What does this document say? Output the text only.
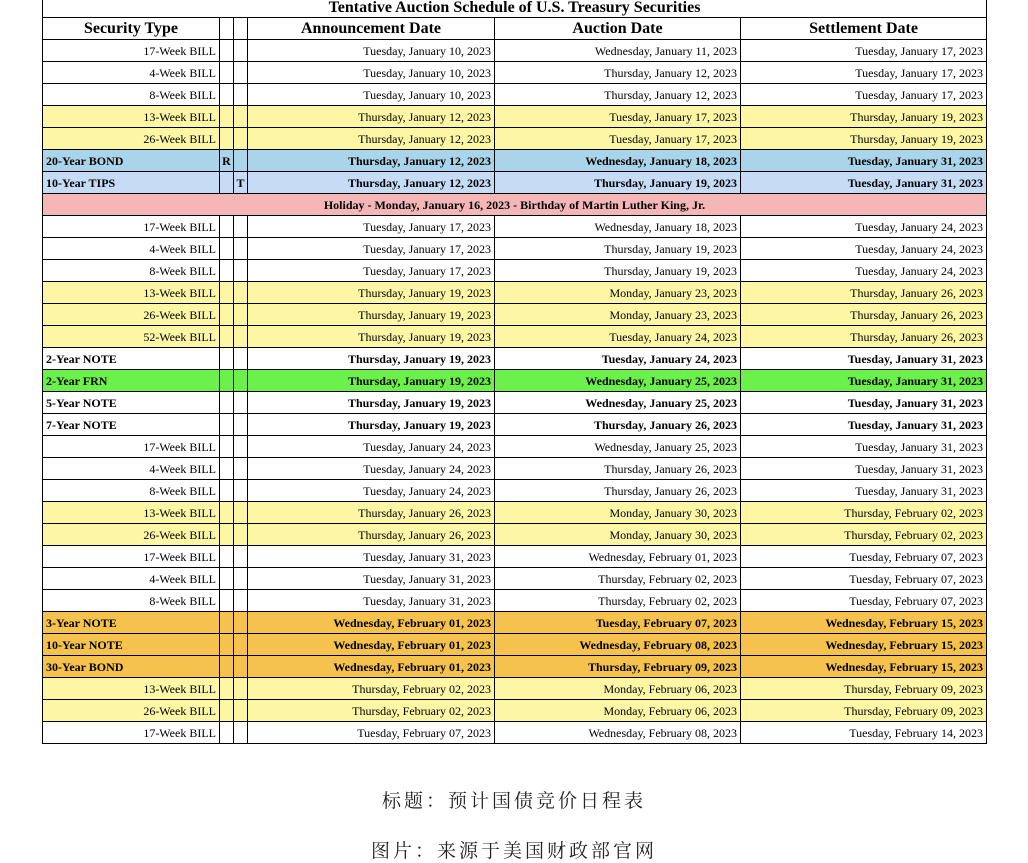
Tentative Auction Schedule of U.S. Treasury Securities					
Security Type			Announcement Date	Auction Date	Settlement Date
17-Week BILL			Tuesday, January 10, 2023	Wednesday, January 11, 2023	Tuesday, January 17, 2023
4-Week BILL			Tuesday, January 10, 2023	Thursday, January 12, 2023	Tuesday, January 17, 2023
8-Week BILL			Tuesday, January 10, 2023	Thursday, January 12, 2023	Tuesday, January 17, 2023
13-Week BILL			Thursday, January 12, 2023	Tuesday, January 17, 2023	Thursday, January 19, 2023
26-Week BILL			Thursday, January 12, 2023	Tuesday, January 17, 2023	Thursday, January 19, 2023
20-Year BOND	R		Thursday, January 12, 2023	Wednesday, January 18, 2023	Tuesday, January 31, 2023
10-Year TIPS		T	Thursday, January 12, 2023	Thursday, January 19, 2023	Tuesday, January 31, 2023
Holiday - Monday, January 16, 2023 - Birthday of Martin Luther King, Jr.					
17-Week BILL			Tuesday, January 17, 2023	Wednesday, January 18, 2023	Tuesday, January 24, 2023
4-Week BILL			Tuesday, January 17, 2023	Thursday, January 19, 2023	Tuesday, January 24, 2023
8-Week BILL			Tuesday, January 17, 2023	Thursday, January 19, 2023	Tuesday, January 24, 2023
13-Week BILL			Thursday, January 19, 2023	Monday, January 23, 2023	Thursday, January 26, 2023
26-Week BILL			Thursday, January 19, 2023	Monday, January 23, 2023	Thursday, January 26, 2023
52-Week BILL			Thursday, January 19, 2023	Tuesday, January 24, 2023	Thursday, January 26, 2023
2-Year NOTE			Thursday, January 19, 2023	Tuesday, January 24, 2023	Tuesday, January 31, 2023
2-Year FRN			Thursday, January 19, 2023	Wednesday, January 25, 2023	Tuesday, January 31, 2023
5-Year NOTE			Thursday, January 19, 2023	Wednesday, January 25, 2023	Tuesday, January 31, 2023
7-Year NOTE			Thursday, January 19, 2023	Thursday, January 26, 2023	Tuesday, January 31, 2023
17-Week BILL			Tuesday, January 24, 2023	Wednesday, January 25, 2023	Tuesday, January 31, 2023
4-Week BILL			Tuesday, January 24, 2023	Thursday, January 26, 2023	Tuesday, January 31, 2023
8-Week BILL			Tuesday, January 24, 2023	Thursday, January 26, 2023	Tuesday, January 31, 2023
13-Week BILL			Thursday, January 26, 2023	Monday, January 30, 2023	Thursday, February 02, 2023
26-Week BILL			Thursday, January 26, 2023	Monday, January 30, 2023	Thursday, February 02, 2023
17-Week BILL			Tuesday, January 31, 2023	Wednesday, February 01, 2023	Tuesday, February 07, 2023
4-Week BILL			Tuesday, January 31, 2023	Thursday, February 02, 2023	Tuesday, February 07, 2023
8-Week BILL			Tuesday, January 31, 2023	Thursday, February 02, 2023	Tuesday, February 07, 2023
3-Year NOTE			Wednesday, February 01, 2023	Tuesday, February 07, 2023	Wednesday, February 15, 2023
10-Year NOTE			Wednesday, February 01, 2023	Wednesday, February 08, 2023	Wednesday, February 15, 2023
30-Year BOND			Wednesday, February 01, 2023	Thursday, February 09, 2023	Wednesday, February 15, 2023
13-Week BILL			Thursday, February 02, 2023	Monday, February 06, 2023	Thursday, February 09, 2023
26-Week BILL			Thursday, February 02, 2023	Monday, February 06, 2023	Thursday, February 09, 2023
17-Week BILL			Tuesday, February 07, 2023	Wednesday, February 08, 2023	Tuesday, February 14, 2023
标题：预计国债竞价日程表
图片：来源于美国财政部官网
